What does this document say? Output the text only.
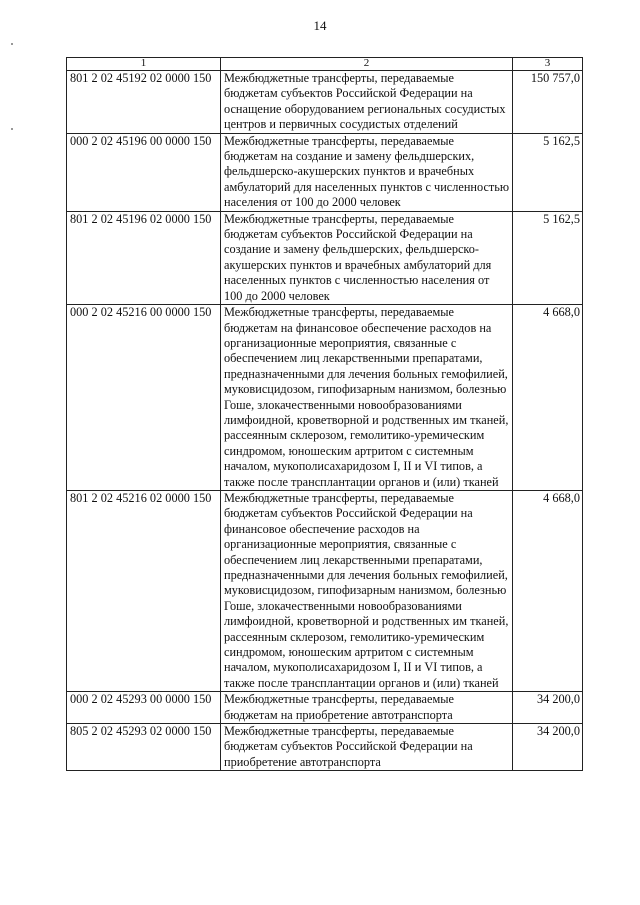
14
1	2	3
801 2 02 45192 02 0000 150	Межбюджетные трансферты, передаваемые бюджетам субъектов Российской Федерации на оснащение оборудованием региональных сосудистых центров и первичных сосудистых отделений	150 757,0
000 2 02 45196 00 0000 150	Межбюджетные трансферты, передаваемые бюджетам на создание и замену фельдшерских, фельдшерско-акушерских пунктов и врачебных амбулаторий для населенных пунктов с численностью населения от 100 до 2000 человек	5 162,5
801 2 02 45196 02 0000 150	Межбюджетные трансферты, передаваемые бюджетам субъектов Российской Федерации на создание и замену фельдшерских, фельдшерско-акушерских пунктов и врачебных амбулаторий для населенных пунктов с численностью населения от 100 до 2000 человек	5 162,5
000 2 02 45216 00 0000 150	Межбюджетные трансферты, передаваемые бюджетам на финансовое обеспечение расходов на организационные мероприятия, связанные с обеспечением лиц лекарственными препаратами, предназначенными для лечения больных гемофилией, муковисцидозом, гипофизарным нанизмом, болезнью Гоше, злокачественными новообразованиями лимфоидной, кроветворной и родственных им тканей, рассеянным склерозом, гемолитико-уремическим синдромом, юношеским артритом с системным началом, мукополисахаридозом I, II и VI типов, а также после трансплантации органов и (или) тканей	4 668,0
801 2 02 45216 02 0000 150	Межбюджетные трансферты, передаваемые бюджетам субъектов Российской Федерации на финансовое обеспечение расходов на организационные мероприятия, связанные с обеспечением лиц лекарственными препаратами, предназначенными для лечения больных гемофилией, муковисцидозом, гипофизарным нанизмом, болезнью Гоше, злокачественными новообразованиями лимфоидной, кроветворной и родственных им тканей, рассеянным склерозом, гемолитико-уремическим синдромом, юношеским артритом с системным началом, мукополисахаридозом I, II и VI типов, а также после трансплантации органов и (или) тканей	4 668,0
000 2 02 45293 00 0000 150	Межбюджетные трансферты, передаваемые бюджетам на приобретение автотранспорта	34 200,0
805 2 02 45293 02 0000 150	Межбюджетные трансферты, передаваемые бюджетам субъектов Российской Федерации на приобретение автотранспорта	34 200,0
